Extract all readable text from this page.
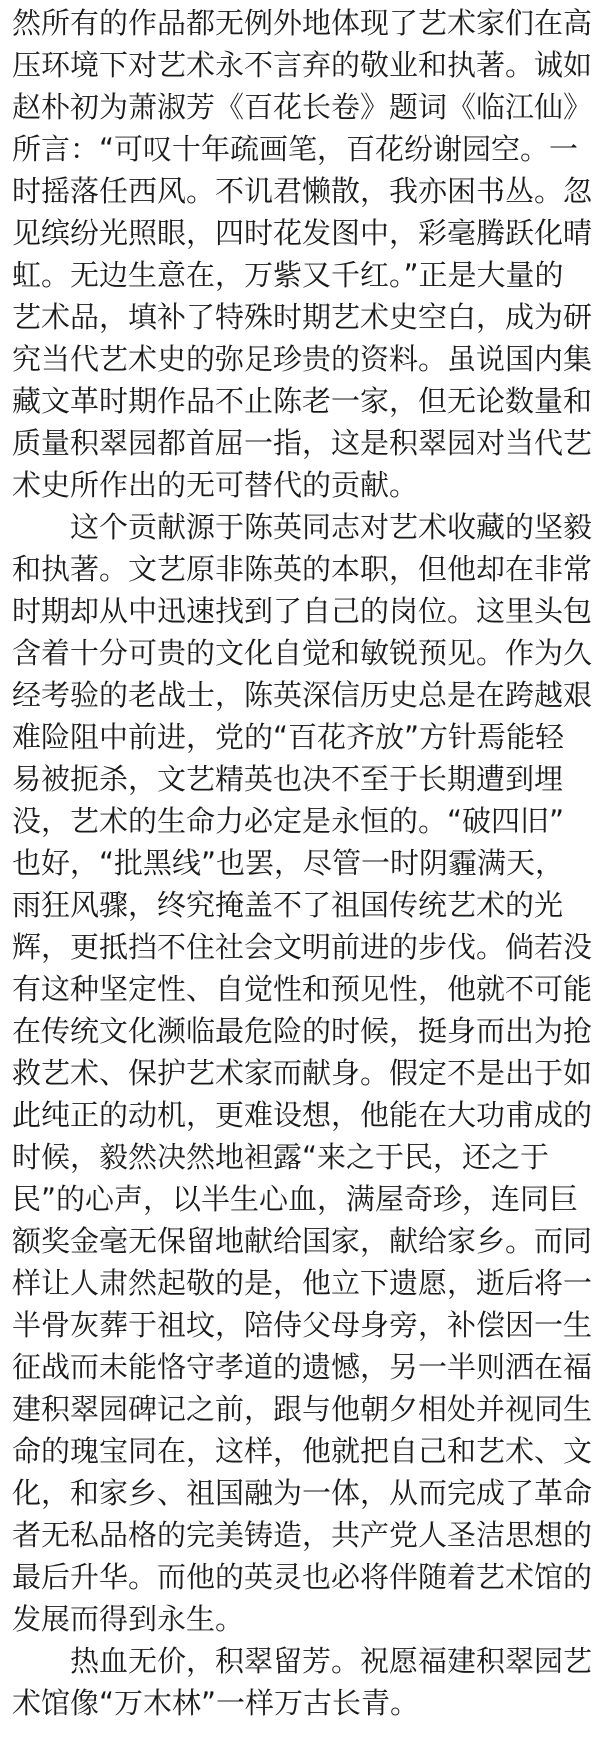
然所有的作品都无例外地体现了艺术家们在高
压环境下对艺术永不言弃的敬业和执著。诚如
赵朴初为萧淑芳《百花长卷》题词《临江仙》
所言：“可叹十年疏画笔，百花纷谢园空。一
时摇落任西风。不讥君懒散，我亦困书丛。忽
见缤纷光照眼，四时花发图中，彩毫腾跃化晴
虹。无边生意在，万紫又千红。”正是大量的
艺术品，填补了特殊时期艺术史空白，成为研
究当代艺术史的弥足珍贵的资料。虽说国内集
藏文革时期作品不止陈老一家，但无论数量和
质量积翠园都首屈一指，这是积翠园对当代艺
术史所作出的无可替代的贡献。
这个贡献源于陈英同志对艺术收藏的坚毅
和执著。文艺原非陈英的本职，但他却在非常
时期却从中迅速找到了自己的岗位。这里头包
含着十分可贵的文化自觉和敏锐预见。作为久
经考验的老战士，陈英深信历史总是在跨越艰
难险阻中前进，党的“百花齐放”方针焉能轻
易被扼杀，文艺精英也决不至于长期遭到埋
没，艺术的生命力必定是永恒的。“破四旧”
也好，“批黑线”也罢，尽管一时阴霾满天，
雨狂风骤，终究掩盖不了祖国传统艺术的光
辉，更抵挡不住社会文明前进的步伐。倘若没
有这种坚定性、自觉性和预见性，他就不可能
在传统文化濒临最危险的时候，挺身而出为抢
救艺术、保护艺术家而献身。假定不是出于如
此纯正的动机，更难设想，他能在大功甫成的
时候，毅然决然地袒露“来之于民，还之于
民”的心声，以半生心血，满屋奇珍，连同巨
额奖金毫无保留地献给国家，献给家乡。而同
样让人肃然起敬的是，他立下遗愿，逝后将一
半骨灰葬于祖坟，陪侍父母身旁，补偿因一生
征战而未能恪守孝道的遗憾，另一半则洒在福
建积翠园碑记之前，跟与他朝夕相处并视同生
命的瑰宝同在，这样，他就把自己和艺术、文
化，和家乡、祖国融为一体，从而完成了革命
者无私品格的完美铸造，共产党人圣洁思想的
最后升华。而他的英灵也必将伴随着艺术馆的
发展而得到永生。
热血无价，积翠留芳。祝愿福建积翠园艺
术馆像“万木林”一样万古长青。
